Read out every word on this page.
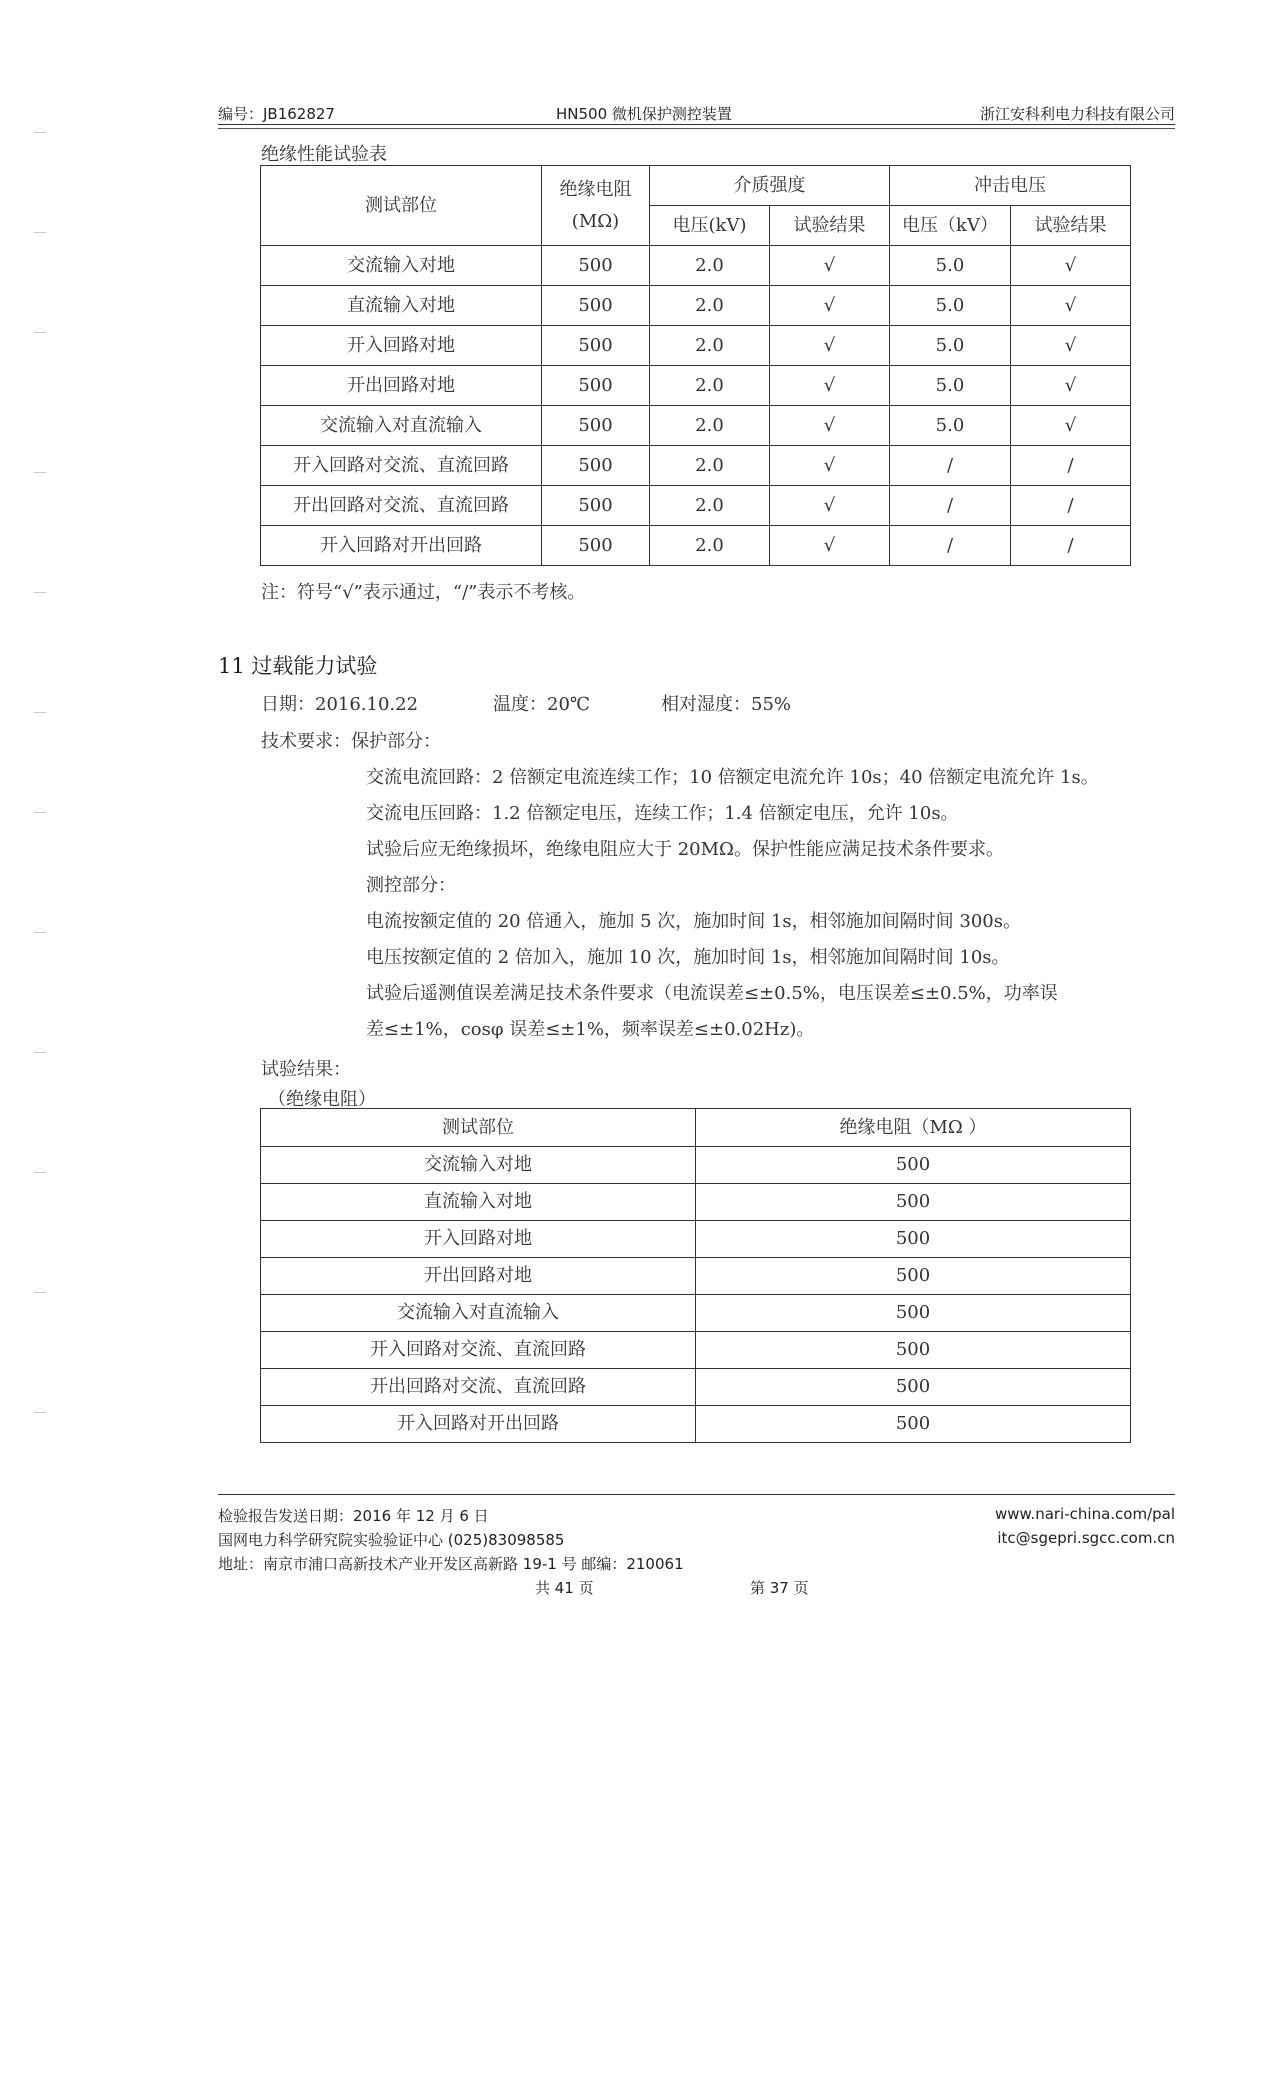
编号：JB162827	HN500 微机保护测控装置	浙江安科利电力科技有限公司
绝缘性能试验表
测试部位	绝缘电阻
(MΩ)	介质强度		冲击电压	
		电压(kV)	试验结果	电压（kV）	试验结果
交流输入对地	500	2.0	√	5.0	√
直流输入对地	500	2.0	√	5.0	√
开入回路对地	500	2.0	√	5.0	√
开出回路对地	500	2.0	√	5.0	√
交流输入对直流输入	500	2.0	√	5.0	√
开入回路对交流、直流回路	500	2.0	√	/	/
开出回路对交流、直流回路	500	2.0	√	/	/
开入回路对开出回路	500	2.0	√	/	/
注：符号“√”表示通过，“/”表示不考核。
11 过载能力试验
日期：2016.10.22	温度：20℃	相对湿度：55%
技术要求：保护部分：
交流电流回路：2 倍额定电流连续工作；10 倍额定电流允许 10s；40 倍额定电流允许 1s。
交流电压回路：1.2 倍额定电压，连续工作；1.4 倍额定电压，允许 10s。
试验后应无绝缘损坏，绝缘电阻应大于 20MΩ。保护性能应满足技术条件要求。
测控部分：
电流按额定值的 20 倍通入，施加 5 次，施加时间 1s，相邻施加间隔时间 300s。
电压按额定值的 2 倍加入，施加 10 次，施加时间 1s，相邻施加间隔时间 10s。
试验后遥测值误差满足技术条件要求（电流误差≤±0.5%，电压误差≤±0.5%，功率误
差≤±1%，cosφ 误差≤±1%，频率误差≤±0.02Hz)。
试验结果：
（绝缘电阻）
测试部位	绝缘电阻（MΩ ）
交流输入对地	500
直流输入对地	500
开入回路对地	500
开出回路对地	500
交流输入对直流输入	500
开入回路对交流、直流回路	500
开出回路对交流、直流回路	500
开入回路对开出回路	500
检验报告发送日期：2016 年 12 月 6 日
国网电力科学研究院实验验证中心 (025)83098585
地址：南京市浦口高新技术产业开发区高新路 19-1 号 邮编：210061
www.nari-china.com/pal
itc@sgepri.sgcc.com.cn
共 41 页	第 37 页
